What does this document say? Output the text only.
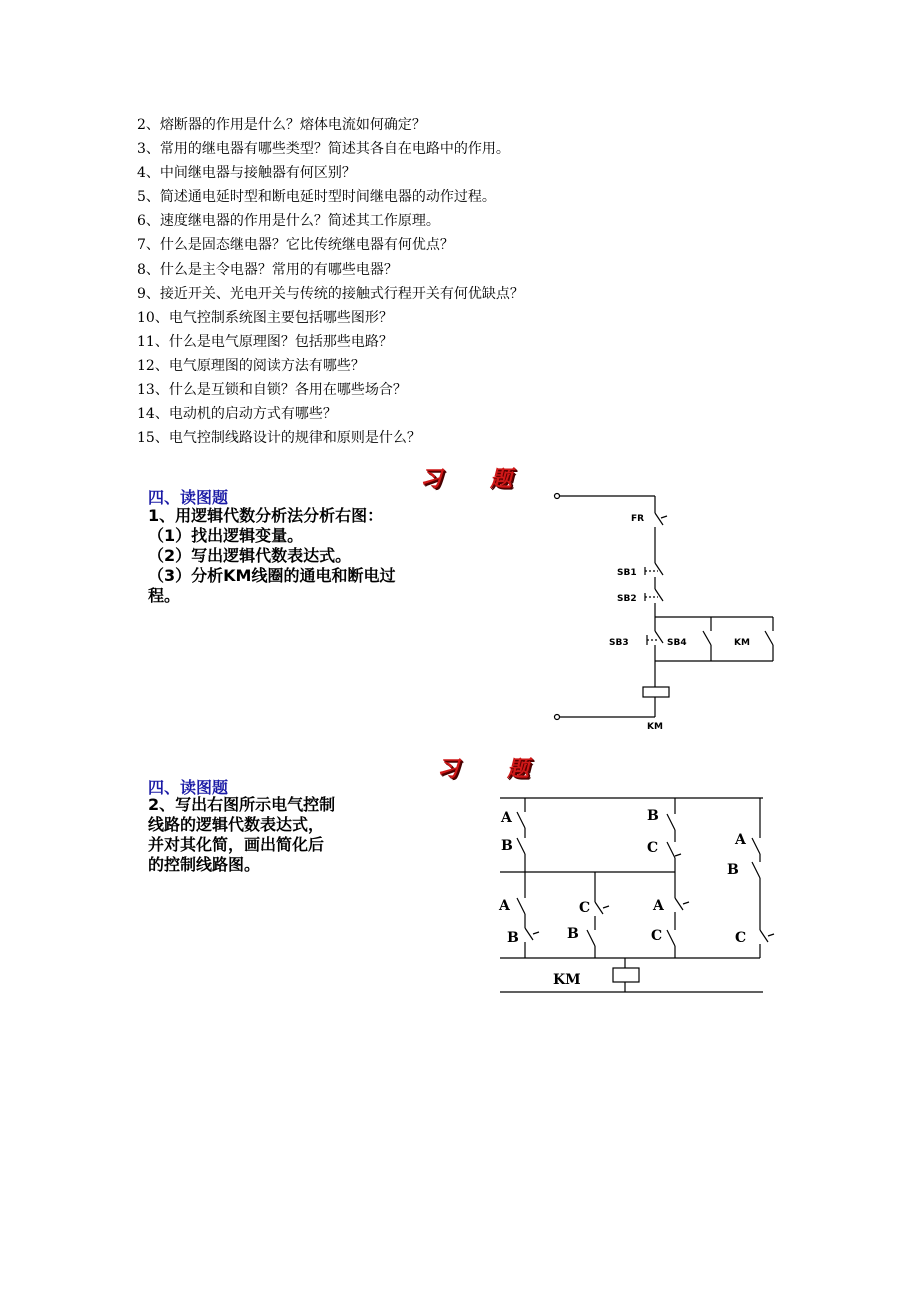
2、熔断器的作用是什么？熔体电流如何确定？
3、常用的继电器有哪些类型？简述其各自在电路中的作用。
4、中间继电器与接触器有何区别？
5、简述通电延时型和断电延时型时间继电器的动作过程。
6、速度继电器的作用是什么？简述其工作原理。
7、什么是固态继电器？它比传统继电器有何优点？
8、什么是主令电器？常用的有哪些电器？
9、接近开关、光电开关与传统的接触式行程开关有何优缺点？
10、电气控制系统图主要包括哪些图形？
11、什么是电气原理图？包括那些电路？
12、电气原理图的阅读方法有哪些？
13、什么是互锁和自锁？各用在哪些场合？
14、电动机的启动方式有哪些？
15、电气控制线路设计的规律和原则是什么？
习 题
四、读图题
1、用逻辑代数分析法分析右图：
（1）找出逻辑变量。
（2）写出逻辑代数表达式。
（3）分析KM线圈的通电和断电过
程。
FR
SB1
SB2
SB3	SB4	KM
KM
习 题
四、读图题
2、写出右图所示电气控制
线路的逻辑代数表达式，
并对其化简，画出简化后
的控制线路图。
A
B
B
C
A
B
A
B
C
B
A
C	C
KM
